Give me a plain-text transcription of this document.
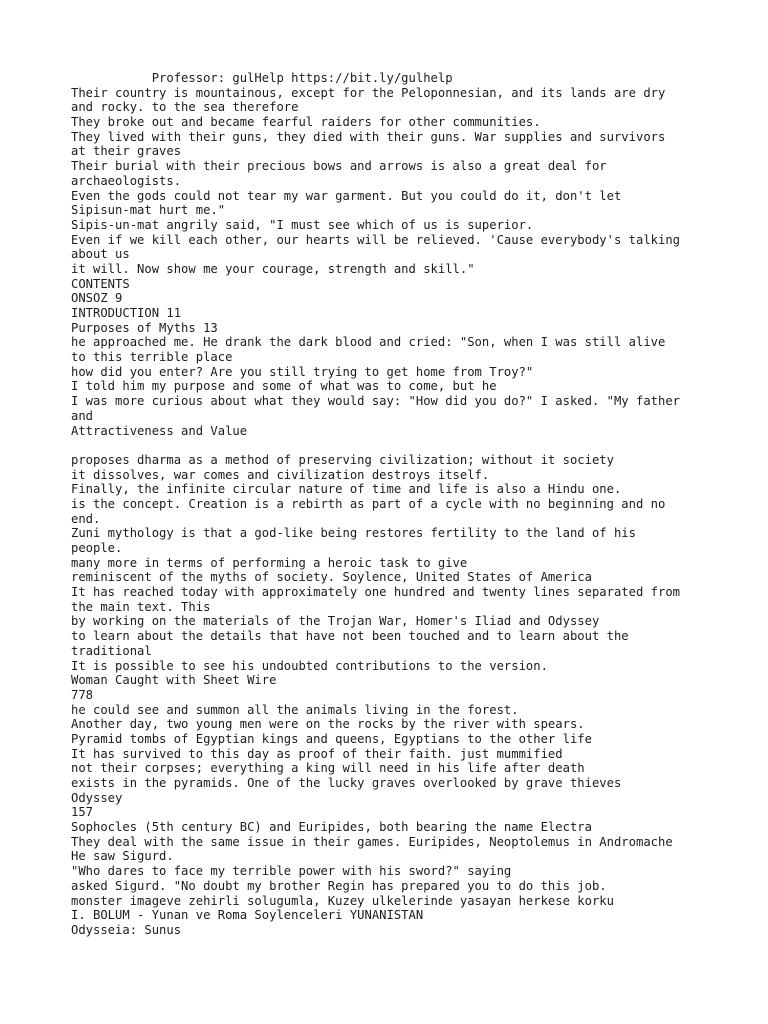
Professor: gulHelp https://bit.ly/gulhelp
Their country is mountainous, except for the Peloponnesian, and its lands are dry
and rocky. to the sea therefore
They broke out and became fearful raiders for other communities.
They lived with their guns, they died with their guns. War supplies and survivors
at their graves
Their burial with their precious bows and arrows is also a great deal for
archaeologists.
Even the gods could not tear my war garment. But you could do it, don't let
Sipisun-mat hurt me."
Sipis-un-mat angrily said, "I must see which of us is superior.
Even if we kill each other, our hearts will be relieved. 'Cause everybody's talking
about us
it will. Now show me your courage, strength and skill."
CONTENTS
ONSOZ 9
INTRODUCTION 11
Purposes of Myths 13
he approached me. He drank the dark blood and cried: "Son, when I was still alive
to this terrible place
how did you enter? Are you still trying to get home from Troy?"
I told him my purpose and some of what was to come, but he
I was more curious about what they would say: "How did you do?" I asked. "My father
and
Attractiveness and Value
proposes dharma as a method of preserving civilization; without it society
it dissolves, war comes and civilization destroys itself.
Finally, the infinite circular nature of time and life is also a Hindu one.
is the concept. Creation is a rebirth as part of a cycle with no beginning and no
end.
Zuni mythology is that a god-like being restores fertility to the land of his
people.
many more in terms of performing a heroic task to give
reminiscent of the myths of society. Soylence, United States of America
It has reached today with approximately one hundred and twenty lines separated from
the main text. This
by working on the materials of the Trojan War, Homer's Iliad and Odyssey
to learn about the details that have not been touched and to learn about the
traditional
It is possible to see his undoubted contributions to the version.
Woman Caught with Sheet Wire
778
he could see and summon all the animals living in the forest.
Another day, two young men were on the rocks by the river with spears.
Pyramid tombs of Egyptian kings and queens, Egyptians to the other life
It has survived to this day as proof of their faith. just mummified
not their corpses; everything a king will need in his life after death
exists in the pyramids. One of the lucky graves overlooked by grave thieves
Odyssey
157
Sophocles (5th century BC) and Euripides, both bearing the name Electra
They deal with the same issue in their games. Euripides, Neoptolemus in Andromache
He saw Sigurd.
"Who dares to face my terrible power with his sword?" saying
asked Sigurd. "No doubt my brother Regin has prepared you to do this job.
monster imageve zehirli solugumla, Kuzey ulkelerinde yasayan herkese korku
I. BOLUM - Yunan ve Roma Soylenceleri YUNANISTAN
Odysseia: Sunus
